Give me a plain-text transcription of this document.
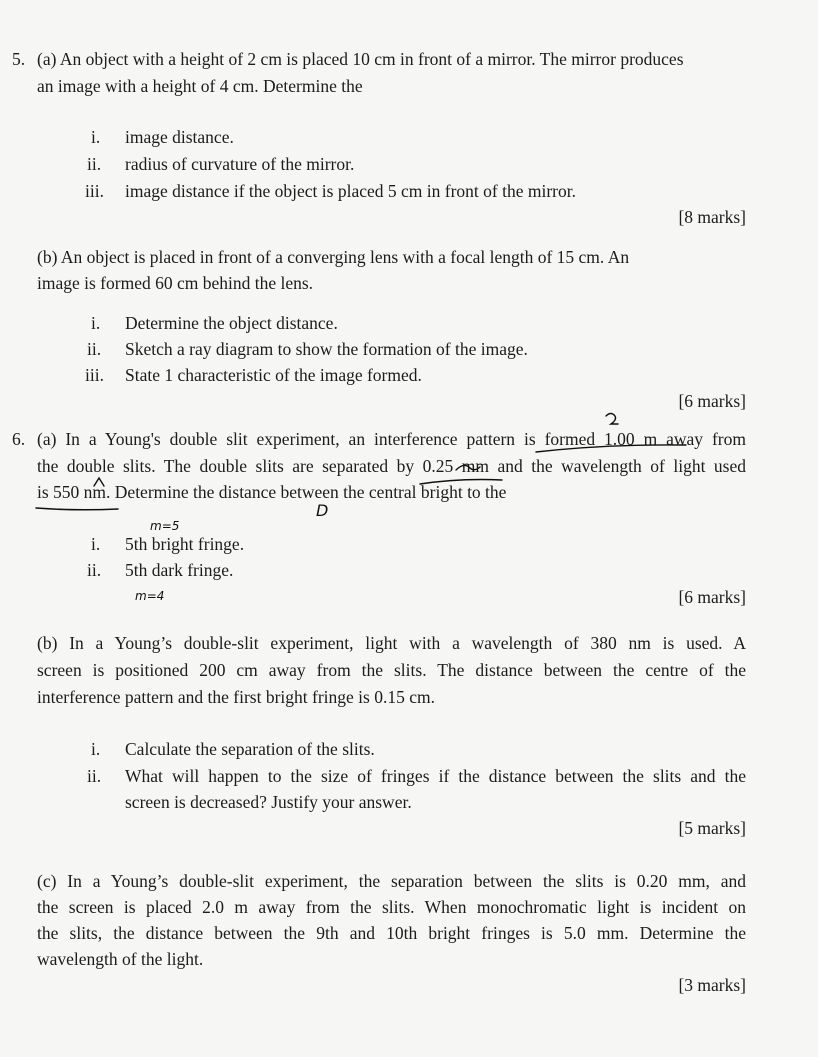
5. (a) An object with a height of 2 cm is placed 10 cm in front of a mirror. The mirror produces
an image with a height of 4 cm. Determine the
i. image distance.
ii. radius of curvature of the mirror.
iii. image distance if the object is placed 5 cm in front of the mirror.
[8 marks]
(b) An object is placed in front of a converging lens with a focal length of 15 cm. An
image is formed 60 cm behind the lens.
i. Determine the object distance.
ii. Sketch a ray diagram to show the formation of the image.
iii. State 1 characteristic of the image formed.
[6 marks]
6. (a) In a Young's double slit experiment, an interference pattern is formed 1.00 m away from
the double slits. The double slits are separated by 0.25 mm and the wavelength of light used
is 550 nm. Determine the distance between the central bright to the
i. 5th bright fringe.
ii. 5th dark fringe.
[6 marks]
(b) In a Young’s double-slit experiment, light with a wavelength of 380 nm is used. A
screen is positioned 200 cm away from the slits. The distance between the centre of the
interference pattern and the first bright fringe is 0.15 cm.
i. Calculate the separation of the slits.
ii. What will happen to the size of fringes if the distance between the slits and the
screen is decreased? Justify your answer.
[5 marks]
(c) In a Young’s double-slit experiment, the separation between the slits is 0.20 mm, and
the screen is placed 2.0 m away from the slits. When monochromatic light is incident on
the slits, the distance between the 9th and 10th bright fringes is 5.0 mm. Determine the
wavelength of the light.
[3 marks]
m=5
m=4
D
